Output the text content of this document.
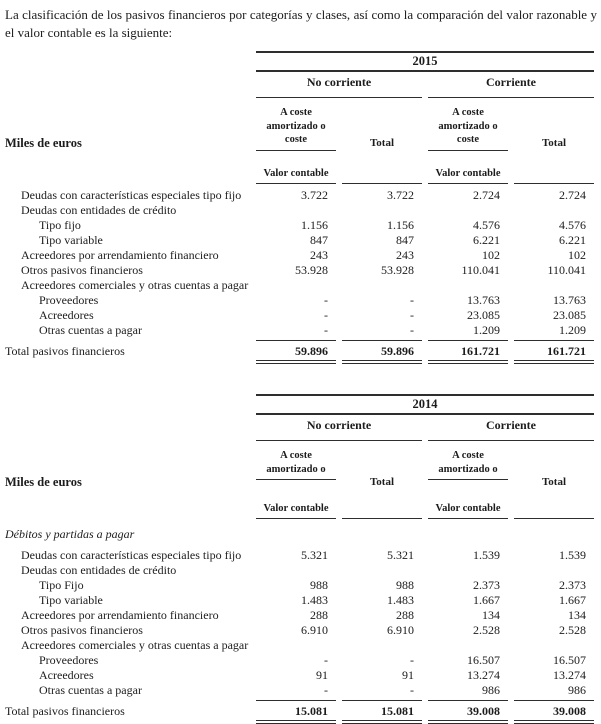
La clasificación de los pasivos financieros por categorías y clases, así como la comparación del valor razonable y el valor contable es la siguiente:

2015
No corriente	Corriente
Miles de euros
A coste amortizado o coste
Valor contable
Total
A coste amortizado o coste
Valor contable
Total
Deudas con características especiales tipo fijo	3.722	3.722	2.724	2.724
Deudas con entidades de crédito
Tipo fijo	1.156	1.156	4.576	4.576
Tipo variable	847	847	6.221	6.221
Acreedores por arrendamiento financiero	243	243	102	102
Otros pasivos financieros	53.928	53.928	110.041	110.041
Acreedores comerciales y otras cuentas a pagar
Proveedores	-	-	13.763	13.763
Acreedores	-	-	23.085	23.085
Otras cuentas a pagar	-	-	1.209	1.209
Total pasivos financieros	59.896	59.896	161.721	161.721
2014
No corriente	Corriente
Miles de euros
A coste amortizado o
Valor contable
Total
A coste amortizado o
Valor contable
Total
Débitos y partidas a pagar
Deudas con características especiales tipo fijo	5.321	5.321	1.539	1.539
Deudas con entidades de crédito
Tipo Fijo	988	988	2.373	2.373
Tipo variable	1.483	1.483	1.667	1.667
Acreedores por arrendamiento financiero	288	288	134	134
Otros pasivos financieros	6.910	6.910	2.528	2.528
Acreedores comerciales y otras cuentas a pagar
Proveedores	-	-	16.507	16.507
Acreedores	91	91	13.274	13.274
Otras cuentas a pagar	-	-	986	986
Total pasivos financieros	15.081	15.081	39.008	39.008
